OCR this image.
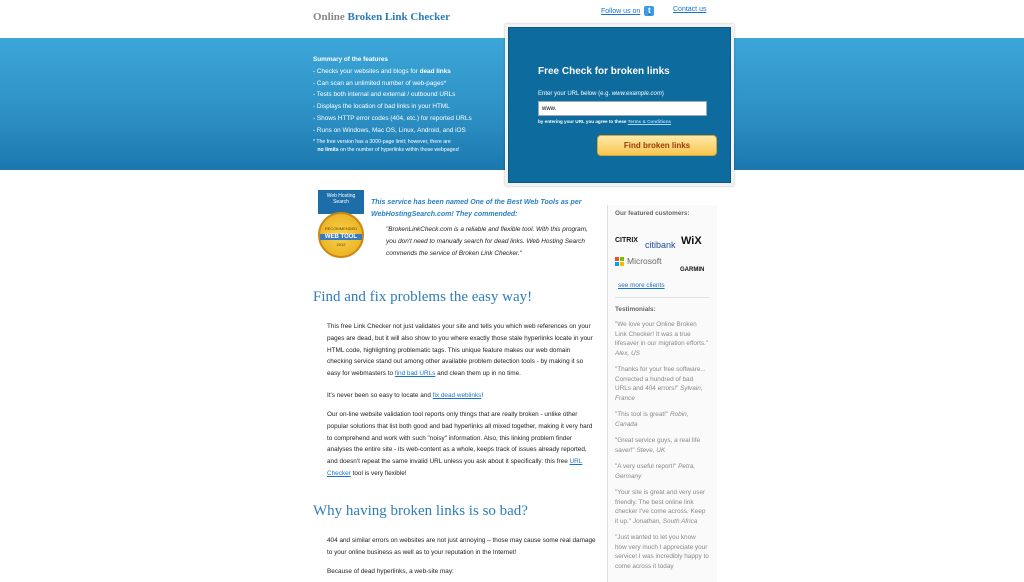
Online Broken Link Checker	Follow us on t	Contact us
Summary of the features
- Checks your websites and blogs for dead links
- Can scan an unlimited number of web-pages*
- Tests both internal and external / outbound URLs
- Displays the location of bad links in your HTML
- Shows HTTP error codes (404, etc.) for reported URLs
- Runs on Windows, Mac OS, Linux, Android, and iOS
* The free version has a 3000-page limit; however, there are
no limits on the number of hyperlinks within those webpages!
Free Check for broken links
Enter your URL below (e.g. www.example.com)
www.
by entering your URL you agree to these Terms & Conditions
Find broken links
Web Hosting
Search
RECOMMENDED
WEB TOOL
2012
This service has been named One of the Best Web Tools as per WebHostingSearch.com! They commended:
"BrokenLinkCheck.com is a reliable and flexible tool. With this program, you don't need to manually search for dead links. Web Hosting Search commends the service of Broken Link Checker."
Find and fix problems the easy way!
This free Link Checker not just validates your site and tells you which web references on your pages are dead, but it will also show to you where exactly those stale hyperlinks locate in your HTML code, highlighting problematic tags. This unique feature makes our web domain checking service stand out among other available problem detection tools - by making it so easy for webmasters to find bad URLs and clean them up in no time.
It's never been so easy to locate and fix dead weblinks!
Our on-line website validation tool reports only things that are really broken - unlike other popular solutions that list both good and bad hyperlinks all mixed together, making it very hard to comprehend and work with such "noisy" information. Also, this linking problem finder analyses the entire site - its web-content as a whole, keeps track of issues already reported, and doesn't repeat the same invalid URL unless you ask about it specifically: this free URL Checker tool is very flexible!
Why having broken links is so bad?
404 and similar errors on websites are not just annoying – those may cause some real damage to your online business as well as to your reputation in the Internet!
Because of dead hyperlinks, a web-site may:
Our featured customers:
CITRIX citibank WiX
Microsoft
GARMIN
see more clients
Testimonials:
"We love your Online Broken Link Checker! It was a true lifesaver in our migration efforts." Alex, US
"Thanks for your free software... Corrected a hundred of bad URLs and 404 errors!" Sylvain, France
"This tool is great!" Robin, Canada
"Great service guys, a real life saver!" Steve, UK
"A very useful report!" Petra, Germany
"Your site is great and very user friendly. The best online link checker I've come across. Keep it up." Jonathan, South Africa
"Just wanted to let you know how very much I appreciate your service! I was incredibly happy to come across it today
